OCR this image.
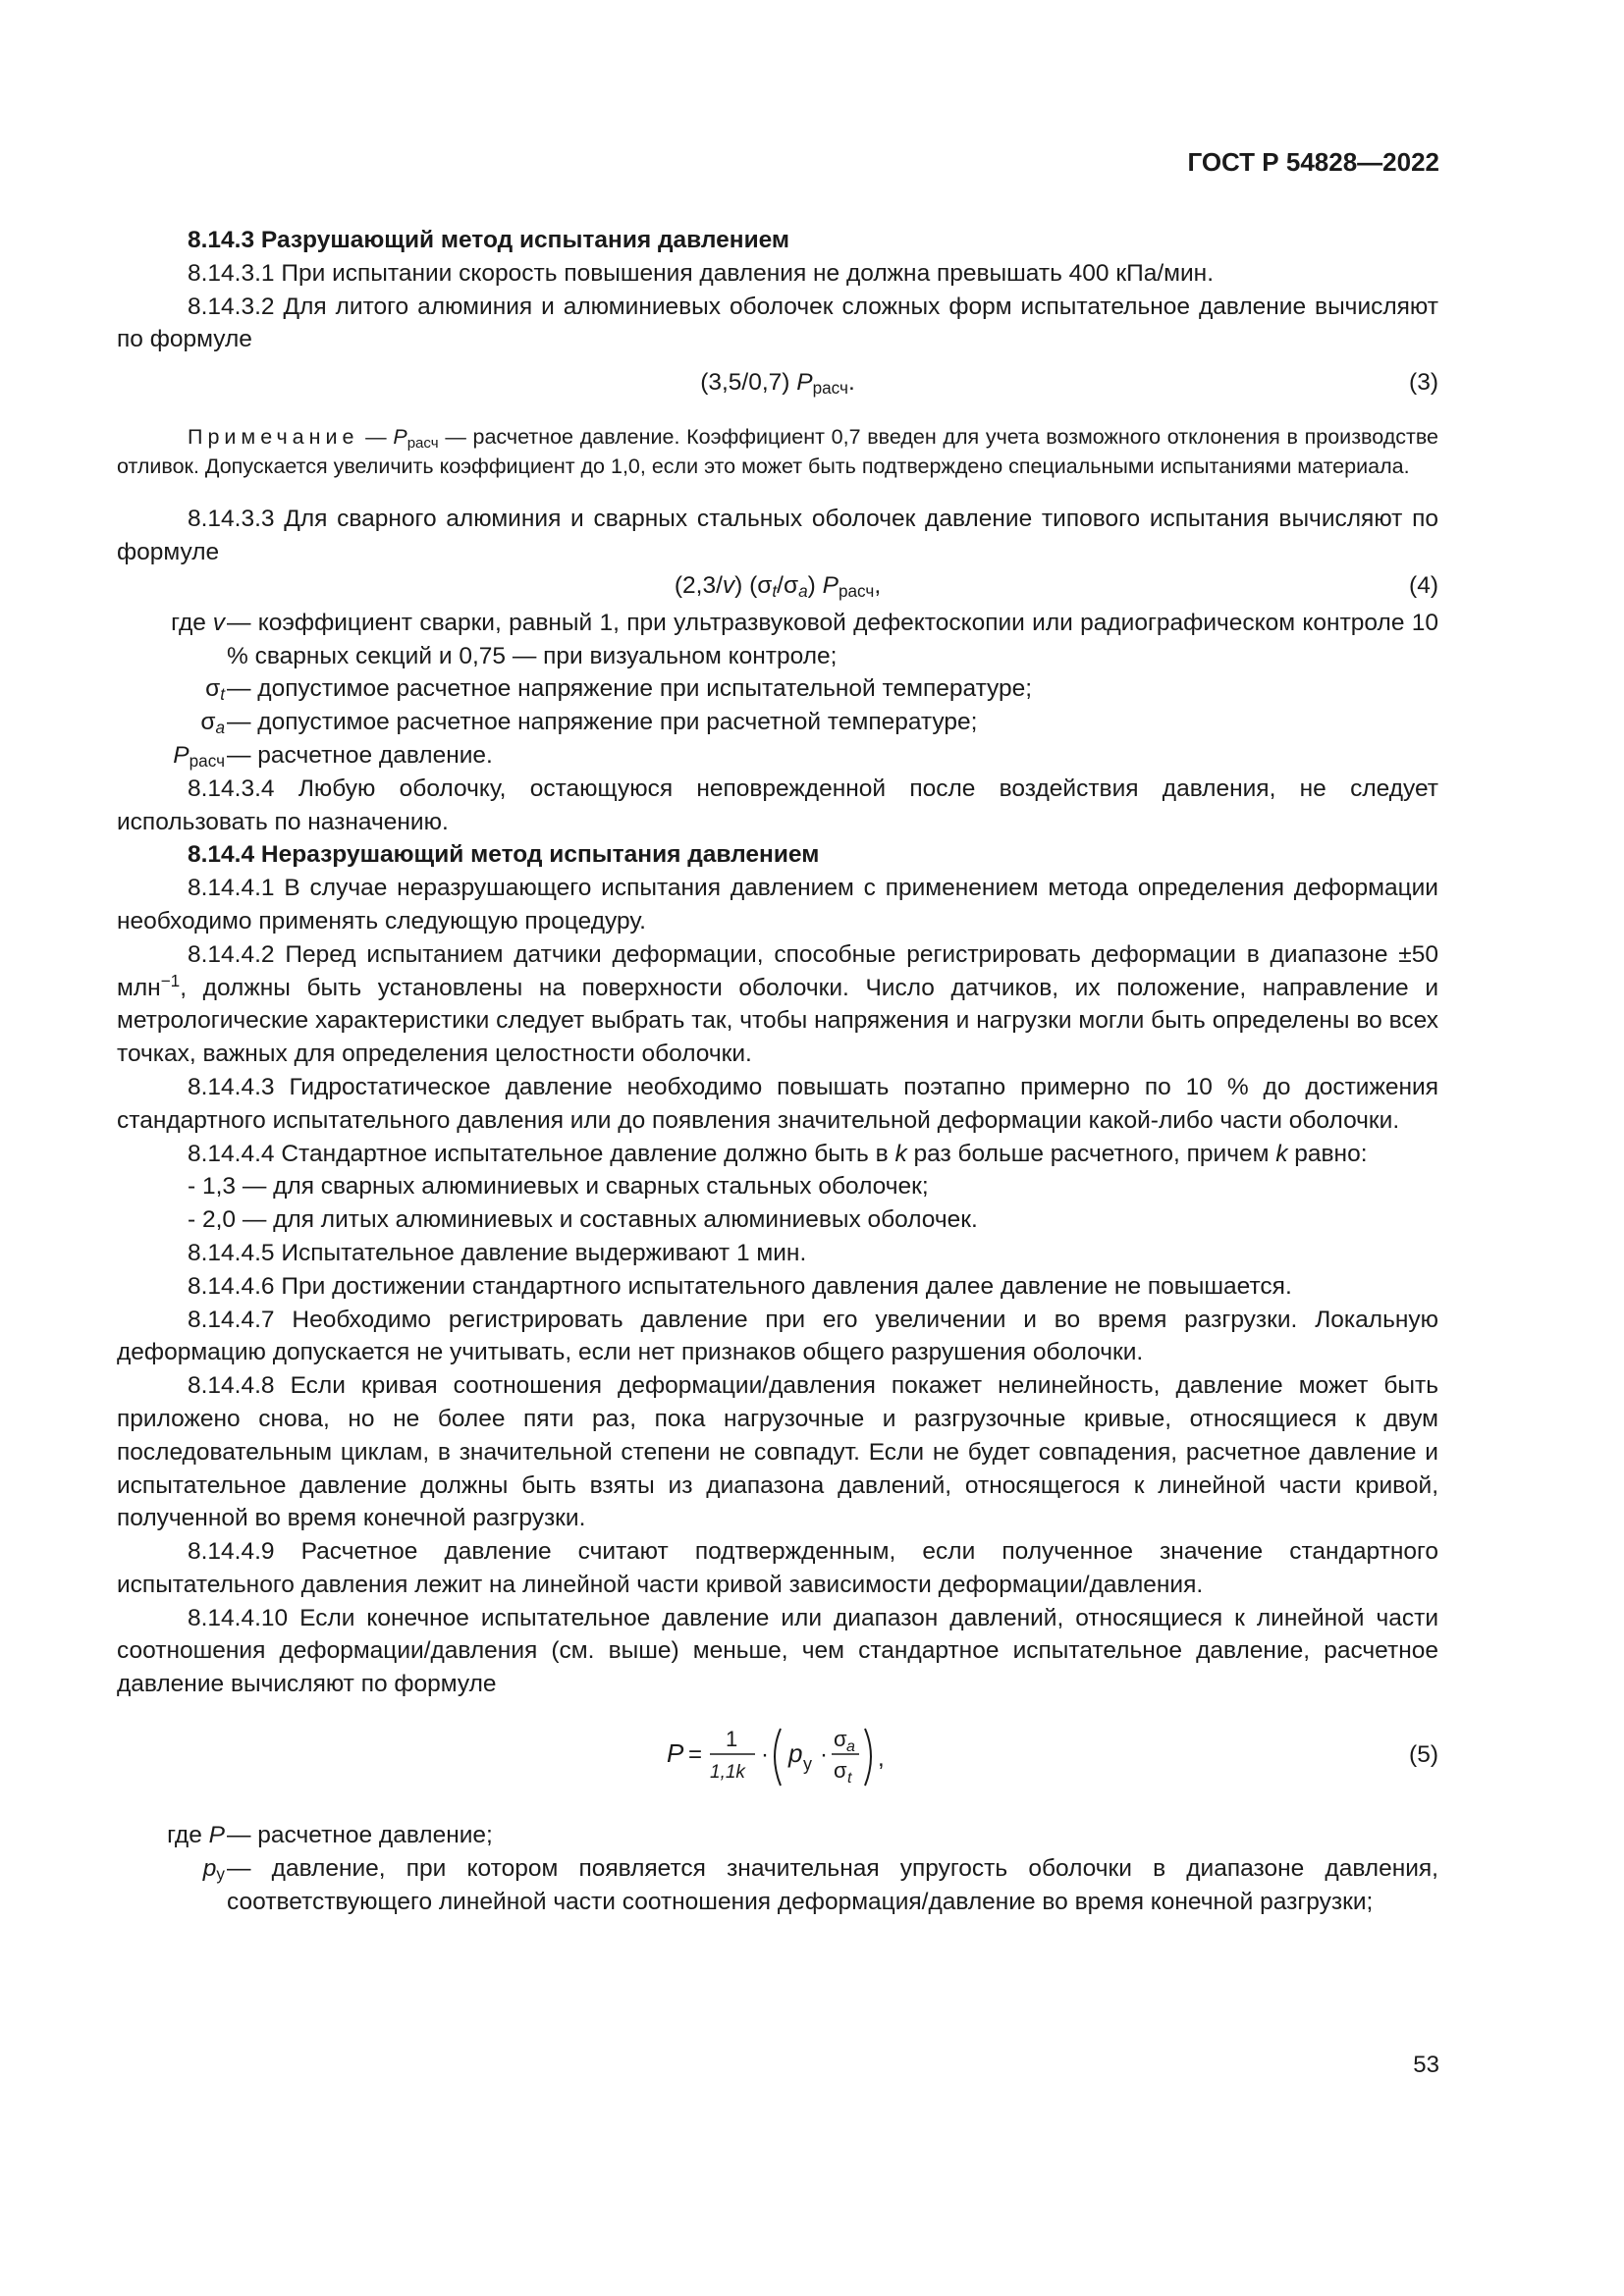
ГОСТ Р 54828—2022

8.14.3 Разрушающий метод испытания давлением

8.14.3.1 При испытании скорость повышения давления не должна превышать 400 кПа/мин.

8.14.3.2 Для литого алюминия и алюминиевых оболочек сложных форм испытательное давление вычисляют по формуле

(3,5/0,7) $P_{расч}$.	(3)

Примечание — $P_{расч}$ — расчетное давление. Коэффициент 0,7 введен для учета возможного отклонения в производстве отливок. Допускается увеличить коэффициент до 1,0, если это может быть подтверждено специальными испытаниями материала.

8.14.3.3 Для сварного алюминия и сварных стальных оболочек давление типового испытания вычисляют по формуле

(2,3/v) $(\sigma_t/\sigma_a)$ $P_{расч}$,	(4)
где v	— коэффициент сварки, равный 1, при ультразвуковой дефектоскопии или радиографическом контроле 10 % сварных секций и 0,75 — при визуальном контроле;
$\sigma_t$	— допустимое расчетное напряжение при испытательной температуре;
$\sigma_a$	— допустимое расчетное напряжение при расчетной температуре;
$P_{расч}$	— расчетное давление.

8.14.3.4 Любую оболочку, остающуюся неповрежденной после воздействия давления, не следует использовать по назначению.

8.14.4 Неразрушающий метод испытания давлением

8.14.4.1 В случае неразрушающего испытания давлением с применением метода определения деформации необходимо применять следующую процедуру.

8.14.4.2 Перед испытанием датчики деформации, способные регистрировать деформации в диапазоне ±50 млн$^{-1}$, должны быть установлены на поверхности оболочки. Число датчиков, их положение, направление и метрологические характеристики следует выбрать так, чтобы напряжения и нагрузки могли быть определены во всех точках, важных для определения целостности оболочки.

8.14.4.3 Гидростатическое давление необходимо повышать поэтапно примерно по 10 % до достижения стандартного испытательного давления или до появления значительной деформации какой-либо части оболочки.

8.14.4.4 Стандартное испытательное давление должно быть в k раз больше расчетного, причем k равно:

- 1,3 — для сварных алюминиевых и сварных стальных оболочек;

- 2,0 — для литых алюминиевых и составных алюминиевых оболочек.

8.14.4.5 Испытательное давление выдерживают 1 мин.

8.14.4.6 При достижении стандартного испытательного давления далее давление не повышается.

8.14.4.7 Необходимо регистрировать давление при его увеличении и во время разгрузки. Локальную деформацию допускается не учитывать, если нет признаков общего разрушения оболочки.

8.14.4.8 Если кривая соотношения деформации/давления покажет нелинейность, давление может быть приложено снова, но не более пяти раз, пока нагрузочные и разгрузочные кривые, относящиеся к двум последовательным циклам, в значительной степени не совпадут. Если не будет совпадения, расчетное давление и испытательное давление должны быть взяты из диапазона давлений, относящегося к линейной части кривой, полученной во время конечной разгрузки.

8.14.4.9 Расчетное давление считают подтвержденным, если полученное значение стандартного испытательного давления лежит на линейной части кривой зависимости деформации/давления.

8.14.4.10 Если конечное испытательное давление или диапазон давлений, относящиеся к линейной части соотношения деформации/давления (см. выше) меньше, чем стандартное испытательное давление, расчетное давление вычисляют по формуле

P =
1
1,1k
· p y ·
σ a
σ t
,	(5)
где P	— расчетное давление;
$p_y$	— давление, при котором появляется значительная упругость оболочки в диапазоне давления, соответствующего линейной части соотношения деформация/давление во время конечной разгрузки;
53
